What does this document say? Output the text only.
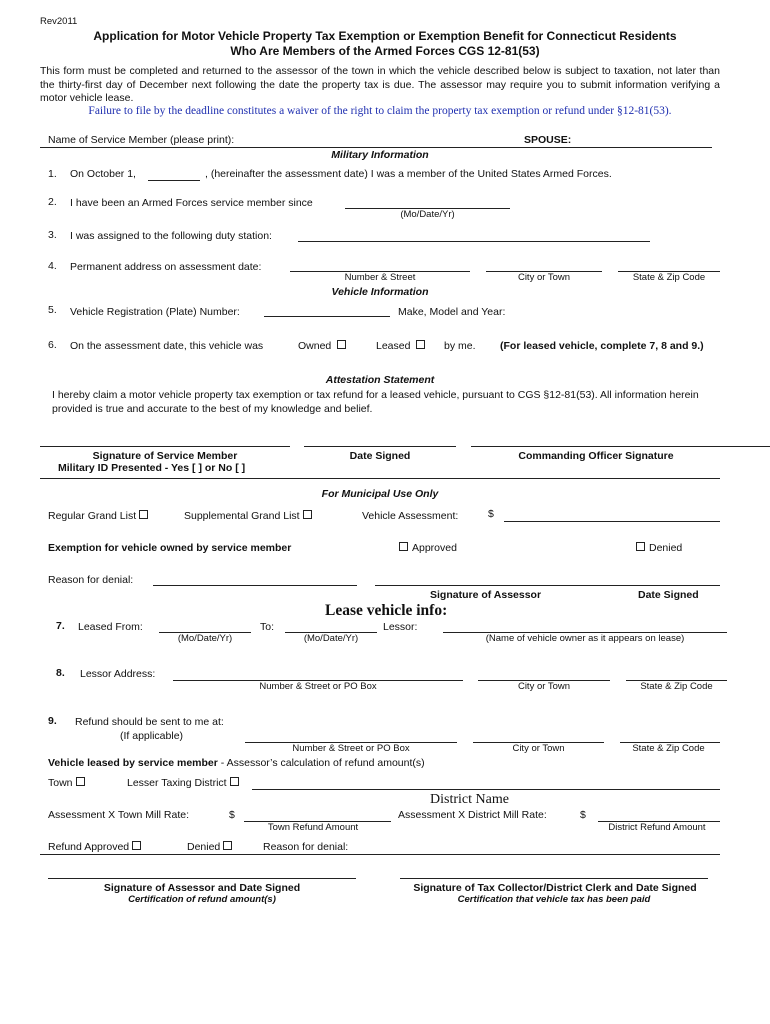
Rev2011
Application for Motor Vehicle Property Tax Exemption or Exemption Benefit for Connecticut Residents
Who Are Members of the Armed Forces CGS 12-81(53)
This form must be completed and returned to the assessor of the town in which the vehicle described below is subject to taxation, not later than the thirty-first day of December next following the date the property tax is due. The assessor may require you to submit information verifying a motor vehicle lease.
Failure to file by the deadline constitutes a waiver of the right to claim the property tax exemption or refund under §12-81(53).
Name of Service Member (please print):	SPOUSE:
Military Information
1. On October 1,	, (hereinafter the assessment date) I was a member of the United States Armed Forces.
2. I have been an Armed Forces service member since
(Mo/Date/Yr)
3. I was assigned to the following duty station:
4. Permanent address on assessment date:
Number & Street	City or Town	State & Zip Code
Vehicle Information
5. Vehicle Registration (Plate) Number:	Make, Model and Year:
6. On the assessment date, this vehicle was	Owned	Leased	by me. (For leased vehicle, complete 7, 8 and 9.)
Attestation Statement
I hereby claim a motor vehicle property tax exemption or tax refund for a leased vehicle, pursuant to CGS §12-81(53). All information herein provided is true and accurate to the best of my knowledge and belief.
Signature of Service Member	Date Signed	Commanding Officer Signature
Military ID Presented - Yes [ ] or No [ ]
For Municipal Use Only
Regular Grand List	Supplemental Grand List	Vehicle Assessment:	$
Exemption for vehicle owned by service member	Approved	Denied
Reason for denial:
Signature of Assessor	Date Signed
Lease vehicle info:
7. Leased From:	To:	Lessor:
(Mo/Date/Yr)	(Mo/Date/Yr)	(Name of vehicle owner as it appears on lease)
8. Lessor Address:
Number & Street or PO Box	City or Town	State & Zip Code
9. Refund should be sent to me at:
(If applicable)
Number & Street or PO Box	City or Town	State & Zip Code
Vehicle leased by service member - Assessor’s calculation of refund amount(s)
Town	Lesser Taxing District
District Name
Assessment X Town Mill Rate:	$
Town Refund Amount
Assessment X District Mill Rate:	$
District Refund Amount
Refund Approved	Denied	Reason for denial:
Signature of Assessor and Date Signed	Signature of Tax Collector/District Clerk and Date Signed
Certification of refund amount(s)	Certification that vehicle tax has been paid
